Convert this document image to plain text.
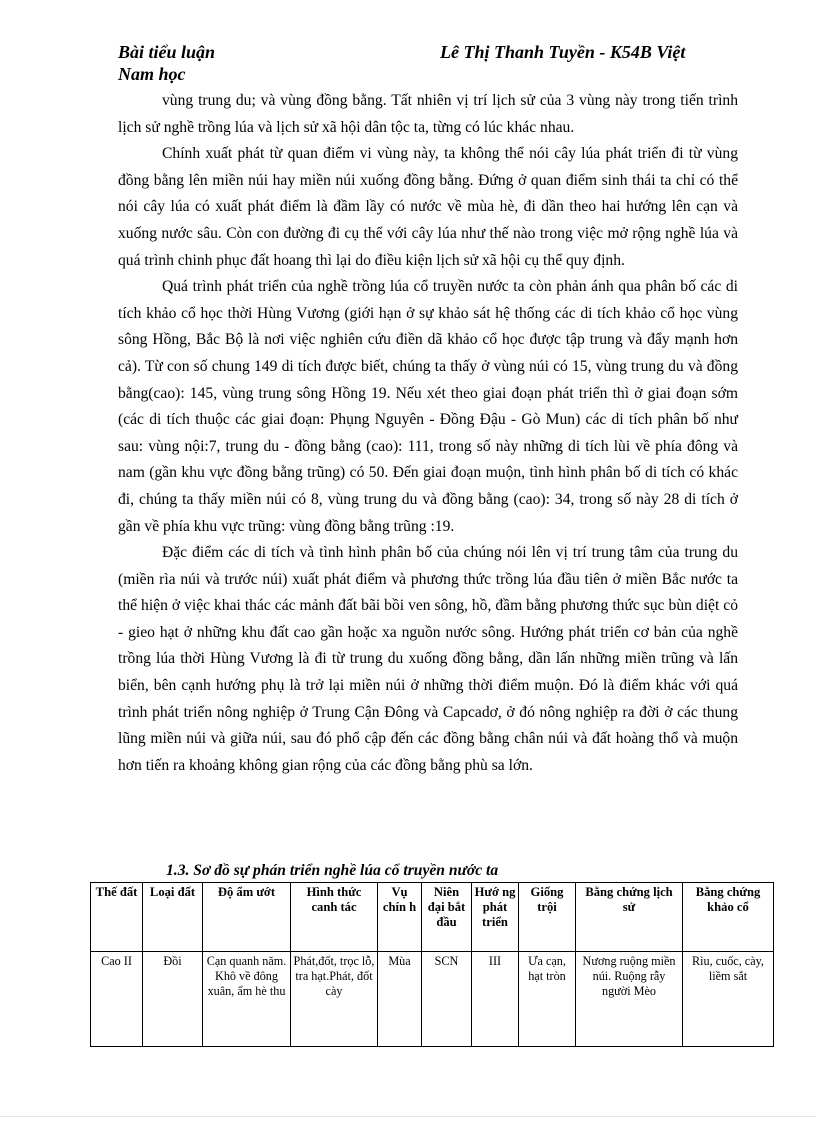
Bài tiểu luận	Lê Thị Thanh Tuyền - K54B Việt
Nam học

vùng trung du; và vùng đồng bằng. Tất nhiên vị trí lịch sử của 3 vùng này trong tiến trình lịch sử nghề trồng lúa và lịch sử xã hội dân tộc ta, từng có lúc khác nhau.

Chính xuất phát từ quan điểm vi vùng này, ta không thể nói cây lúa phát triển đi từ vùng đồng bằng lên miền núi hay miền núi xuống đồng bằng. Đứng ở quan điểm sinh thái ta chỉ có thể nói cây lúa có xuất phát điểm là đầm lầy có nước về mùa hè, đi dần theo hai hướng lên cạn và xuống nước sâu. Còn con đường đi cụ thể với cây lúa như thế nào trong việc mở rộng nghề lúa và quá trình chinh phục đất hoang thì lại do điều kiện lịch sử xã hội cụ thể quy định.

Quá trình phát triển của nghề trồng lúa cổ truyền nước ta còn phản ánh qua phân bố các di tích khảo cổ học thời Hùng Vương (giới hạn ở sự khảo sát hệ thống các di tích khảo cổ học vùng sông Hồng, Bắc Bộ là nơi việc nghiên cứu điền dã khảo cổ học được tập trung và đẩy mạnh hơn cả). Từ con số chung 149 di tích được biết, chúng ta thấy ở vùng núi có 15, vùng trung du và đồng bằng(cao): 145, vùng trung sông Hồng 19. Nếu xét theo giai đoạn phát triển thì ở giai đoạn sớm (các di tích thuộc các giai đoạn: Phụng Nguyên - Đồng Đậu - Gò Mun) các di tích phân bố như sau: vùng nội:7, trung du - đồng bằng (cao): 111, trong số này những di tích lùi về phía đông và nam (gần khu vực đồng bằng trũng) có 50. Đến giai đoạn muộn, tình hình phân bố di tích có khác đi, chúng ta thấy miền núi có 8, vùng trung du và đồng bằng (cao): 34, trong số này 28 di tích ở gần về phía khu vực trũng: vùng đồng bằng trũng :19.

Đặc điểm các di tích và tình hình phân bố của chúng nói lên vị trí trung tâm của trung du (miền rìa núi và trước núi) xuất phát điểm và phương thức trồng lúa đầu tiên ở miền Bắc nước ta thể hiện ở việc khai thác các mảnh đất bãi bồi ven sông, hồ, đầm bằng phương thức sục bùn diệt cỏ - gieo hạt ở những khu đất cao gần hoặc xa nguồn nước sông. Hướng phát triển cơ bản của nghề trồng lúa thời Hùng Vương là đi từ trung du xuống đồng bằng, dần lấn những miền trũng và lấn biển, bên cạnh hướng phụ là trở lại miền núi ở những thời điểm muộn. Đó là điểm khác với quá trình phát triển nông nghiệp ở Trung Cận Đông và Capcadơ, ở đó nông nghiệp ra đời ở các thung lũng miền núi và giữa núi, sau đó phổ cập đến các đồng bằng chân núi và đất hoàng thổ và muộn hơn tiến ra khoảng không gian rộng của các đồng bằng phù sa lớn.

1.3. Sơ đồ sự phán triển nghề lúa cổ truyền nước ta
Thế đất	Loại đất	Độ ẩm ướt	Hình thức canh tác	Vụ chín h	Niên đại bắt đầu	Hướ ng phát triển	Giống trội	Bằng chứng lịch sử	Bằng chứng khảo cổ
Cao II	Đồi	Cạn quanh năm. Khô về đông xuân, ẩm hè thu	Phát,đốt, trọc lỗ, tra hạt.Phát, đốt cày	Mùa	SCN	III	Ưa cạn, hạt tròn	Nương ruộng miền núi. Ruộng rẫy người Mèo	Rìu, cuốc, cày, liềm sắt
